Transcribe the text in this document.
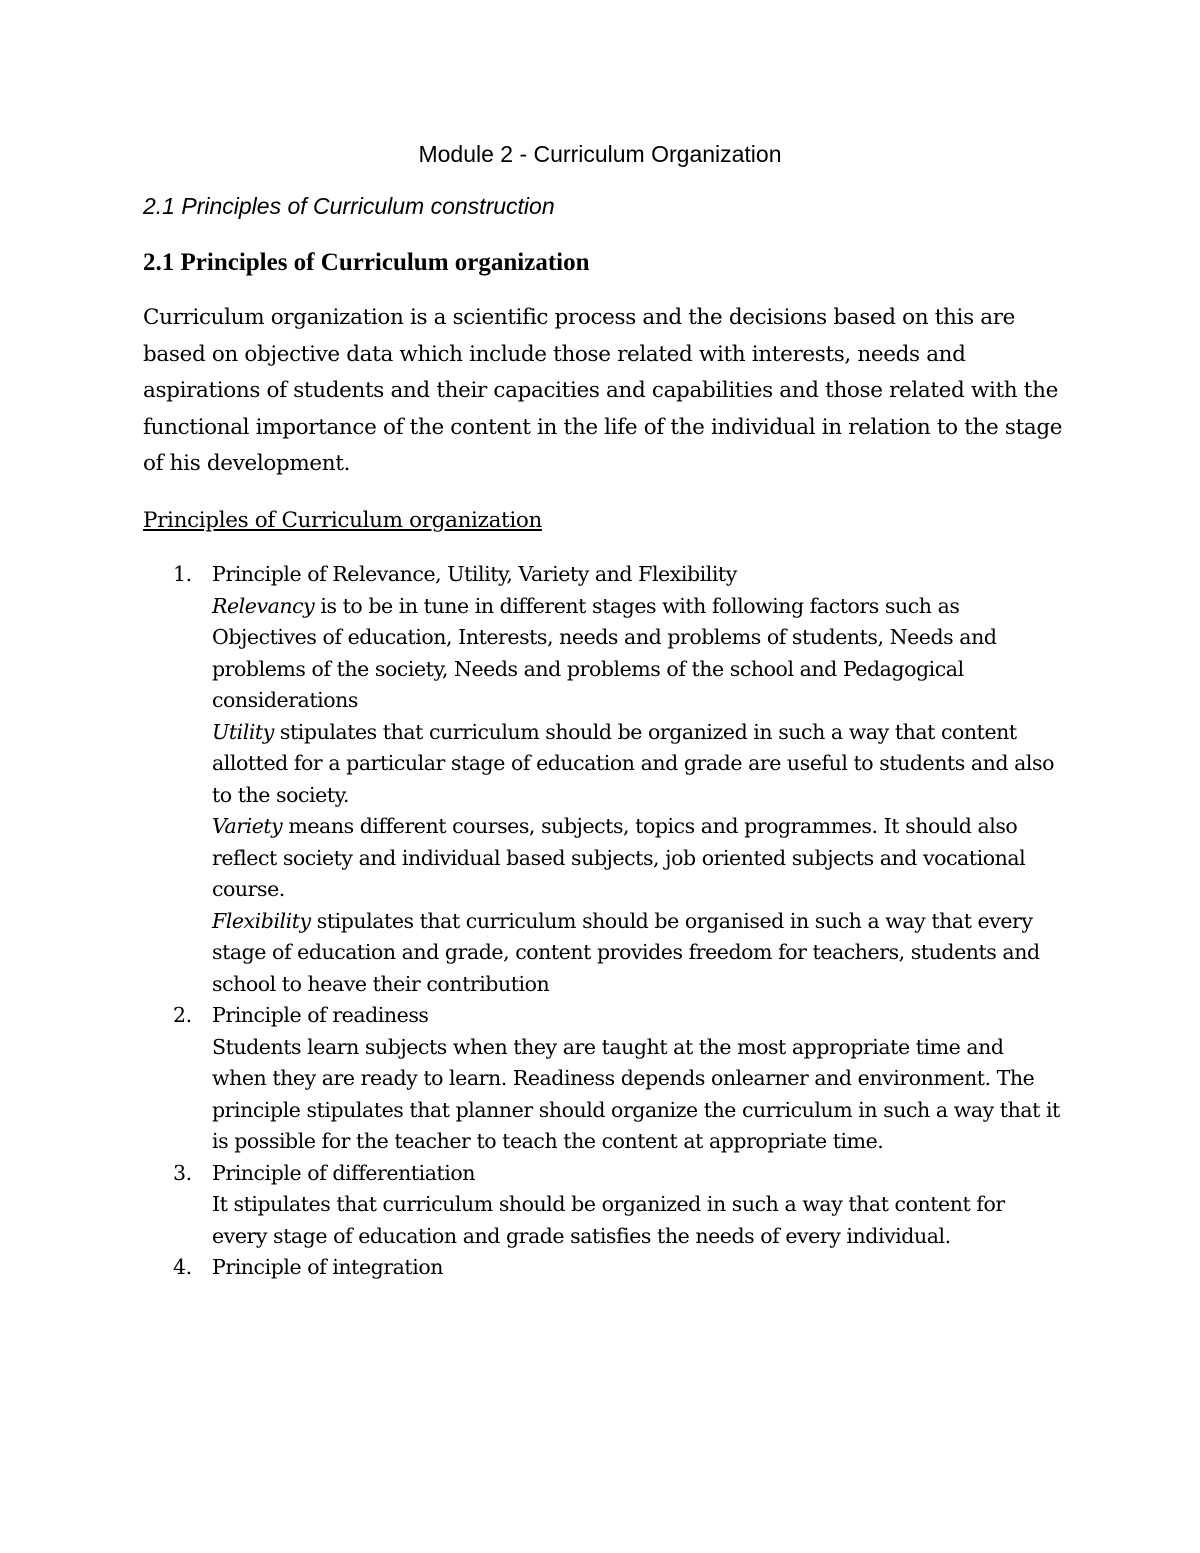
Module 2 - Curriculum Organization
2.1 Principles of Curriculum construction
2.1 Principles of Curriculum organization

Curriculum organization is a scientific process and the decisions based on this are based on objective data which include those related with interests, needs and aspirations of students and their capacities and capabilities and those related with the functional importance of the content in the life of the individual in relation to the stage of his development.

Principles of Curriculum organization
1. Principle of Relevance, Utility, Variety and Flexibility
Relevancy is to be in tune in different stages with following factors such as Objectives of education, Interests, needs and problems of students, Needs and problems of the society, Needs and problems of the school and Pedagogical considerations
Utility stipulates that curriculum should be organized in such a way that content allotted for a particular stage of education and grade are useful to students and also to the society.
Variety means different courses, subjects, topics and programmes. It should also reflect society and individual based subjects, job oriented subjects and vocational course.
Flexibility stipulates that curriculum should be organised in such a way that every stage of education and grade, content provides freedom for teachers, students and school to heave their contribution
2. Principle of readiness
Students learn subjects when they are taught at the most appropriate time and when they are ready to learn. Readiness depends onlearner and environment. The principle stipulates that planner should organize the curriculum in such a way that it is possible for the teacher to teach the content at appropriate time.
3. Principle of differentiation
It stipulates that curriculum should be organized in such a way that content for every stage of education and grade satisfies the needs of every individual.
4. Principle of integration
